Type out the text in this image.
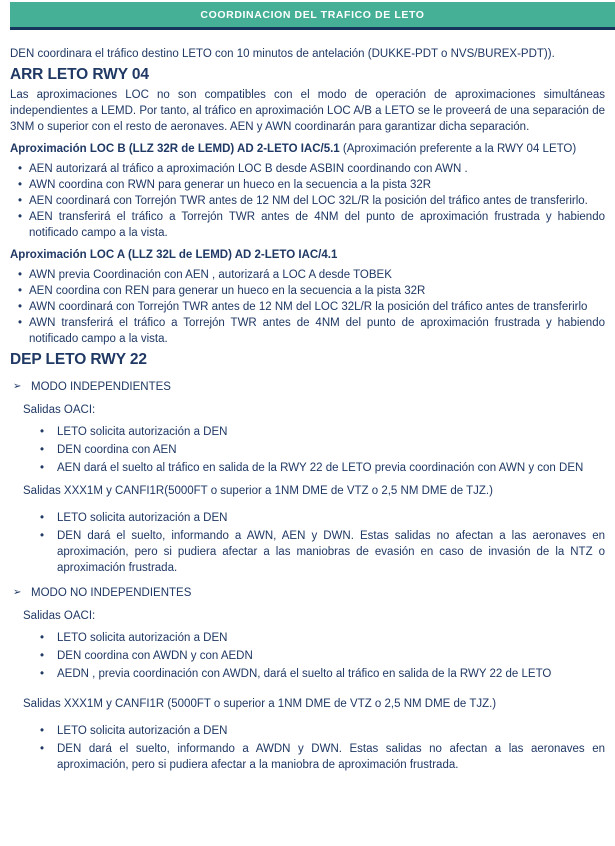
COORDINACION DEL TRAFICO DE LETO

DEN coordinara el tráfico destino LETO con 10 minutos de antelación (DUKKE-PDT o NVS/BUREX-PDT)).

ARR LETO RWY 04

Las aproximaciones LOC no son compatibles con el modo de operación de aproximaciones simultáneas independientes a LEMD. Por tanto, al tráfico en aproximación LOC A/B a LETO se le proveerá de una separación de 3NM o superior con el resto de aeronaves. AEN y AWN coordinarán para garantizar dicha separación.

Aproximación LOC B (LLZ 32R de LEMD) AD 2-LETO IAC/5.1 (Aproximación preferente a la RWY 04 LETO)
• AEN autorizará al tráfico a aproximación LOC B desde ASBIN coordinando con AWN .
• AWN coordina con RWN para generar un hueco en la secuencia a la pista 32R
• AEN coordinará con Torrejón TWR antes de 12 NM del LOC 32L/R la posición del tráfico antes de transferirlo.
• AEN transferirá el tráfico a Torrejón TWR antes de 4NM del punto de aproximación frustrada y habiendo notificado campo a la vista.
Aproximación LOC A (LLZ 32L de LEMD) AD 2-LETO IAC/4.1
• AWN previa Coordinación con AEN , autorizará a LOC A desde TOBEK
• AEN coordina con REN para generar un hueco en la secuencia a la pista 32R
• AWN coordinará con Torrejón TWR antes de 12 NM del LOC 32L/R la posición del tráfico antes de transferirlo
• AWN transferirá el tráfico a Torrejón TWR antes de 4NM del punto de aproximación frustrada y habiendo notificado campo a la vista.
DEP LETO RWY 22
➢ MODO INDEPENDIENTES
Salidas OACI:
•	LETO solicita autorización a DEN
•	DEN coordina con AEN
•	AEN dará el suelto al tráfico en salida de la RWY 22 de LETO previa coordinación con AWN y con DEN
Salidas XXX1M y CANFI1R(5000FT o superior a 1NM DME de VTZ o 2,5 NM DME de TJZ.)
•	LETO solicita autorización a DEN
•	DEN dará el suelto, informando a AWN, AEN y DWN. Estas salidas no afectan a las aeronaves en aproximación, pero si pudiera afectar a las maniobras de evasión en caso de invasión de la NTZ o aproximación frustrada.
➢ MODO NO INDEPENDIENTES
Salidas OACI:
•	LETO solicita autorización a DEN
•	DEN coordina con AWDN y con AEDN
•	AEDN , previa coordinación con AWDN, dará el suelto al tráfico en salida de la RWY 22 de LETO
Salidas XXX1M y CANFI1R (5000FT o superior a 1NM DME de VTZ o 2,5 NM DME de TJZ.)
•	LETO solicita autorización a DEN
•	DEN dará el suelto, informando a AWDN y DWN. Estas salidas no afectan a las aeronaves en aproximación, pero si pudiera afectar a la maniobra de aproximación frustrada.
